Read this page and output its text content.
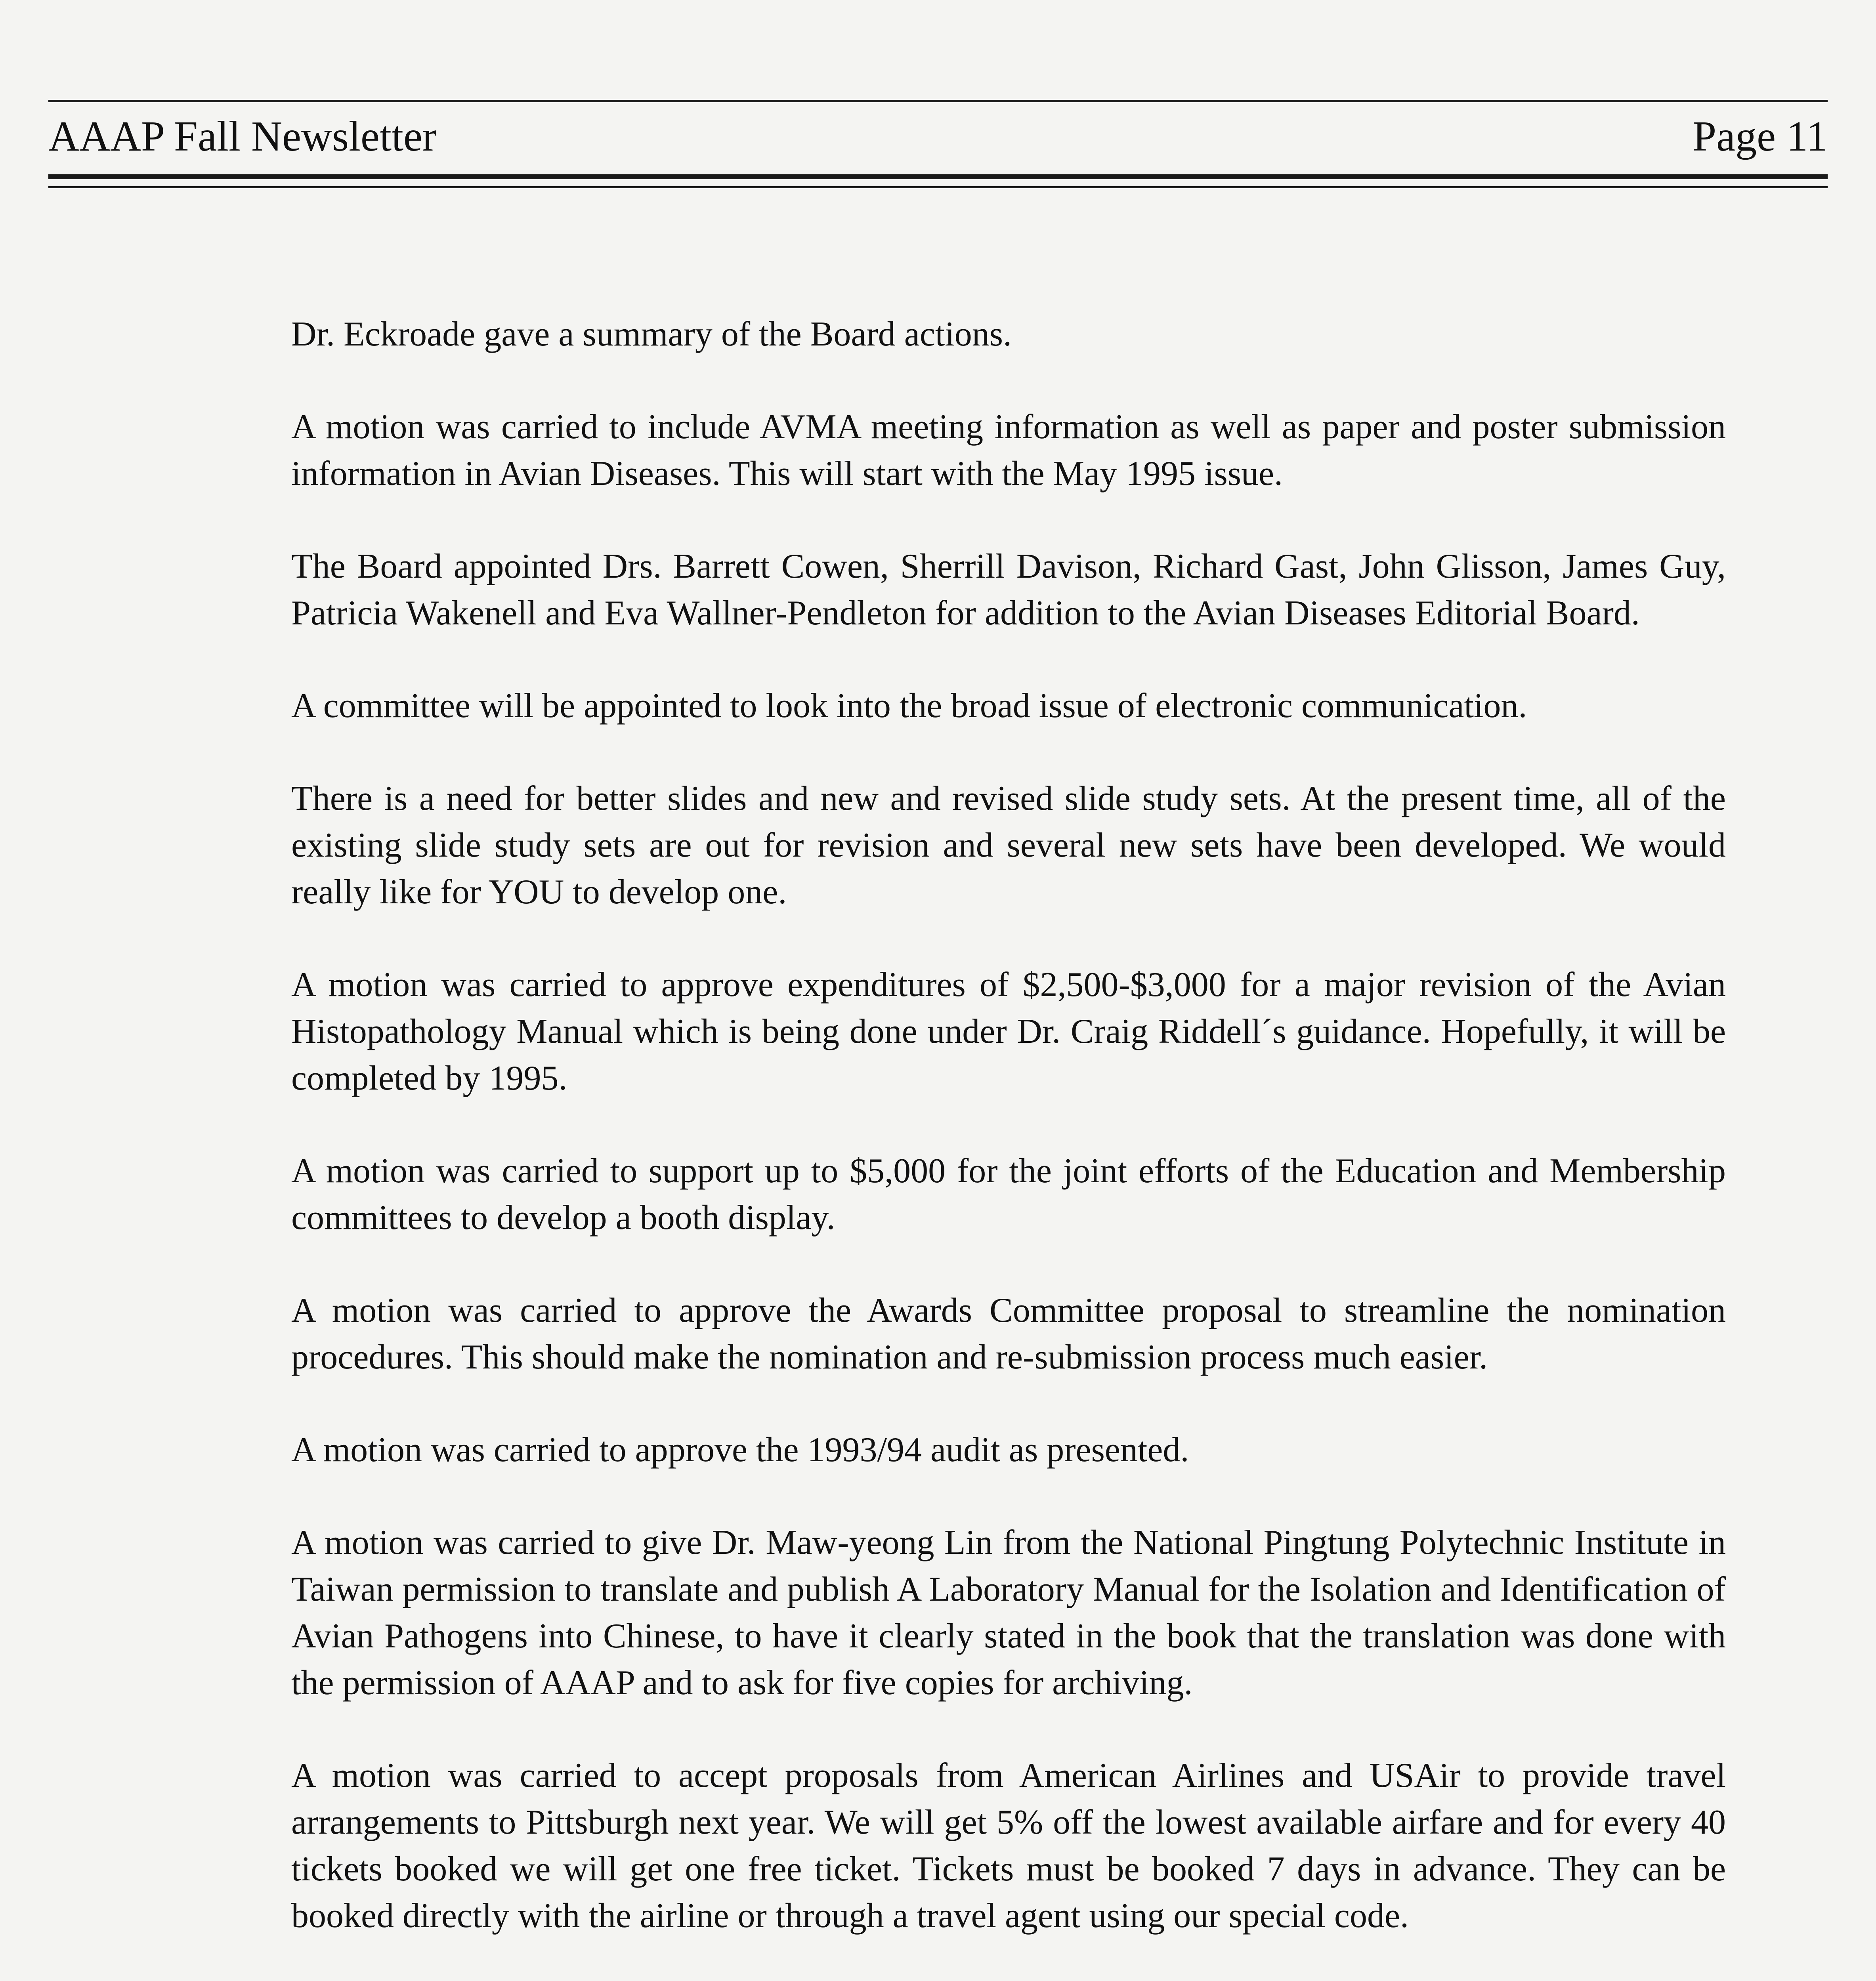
AAAP Fall Newsletter	Page 11

Dr. Eckroade gave a summary of the Board actions.

A motion was carried to include AVMA meeting information as well as paper and poster submission information in Avian Diseases. This will start with the May 1995 issue.

The Board appointed Drs. Barrett Cowen, Sherrill Davison, Richard Gast, John Glisson, James Guy, Patricia Wakenell and Eva Wallner-Pendleton for addition to the Avian Diseases Editorial Board.

A committee will be appointed to look into the broad issue of electronic communication.

There is a need for better slides and new and revised slide study sets. At the present time, all of the existing slide study sets are out for revision and several new sets have been developed. We would really like for YOU to develop one.

A motion was carried to approve expenditures of $2,500-$3,000 for a major revision of the Avian Histopathology Manual which is being done under Dr. Craig Riddell´s guidance. Hopefully, it will be completed by 1995.

A motion was carried to support up to $5,000 for the joint efforts of the Education and Membership committees to develop a booth display.

A motion was carried to approve the Awards Committee proposal to streamline the nomination procedures. This should make the nomination and re-submission process much easier.

A motion was carried to approve the 1993/94 audit as presented.

A motion was carried to give Dr. Maw-yeong Lin from the National Pingtung Polytechnic Institute in Taiwan permission to translate and publish A Laboratory Manual for the Isolation and Identification of Avian Pathogens into Chinese, to have it clearly stated in the book that the translation was done with the permission of AAAP and to ask for five copies for archiving.

A motion was carried to accept proposals from American Airlines and USAir to provide travel arrangements to Pittsburgh next year. We will get 5% off the lowest available airfare and for every 40 tickets booked we will get one free ticket. Tickets must be booked 7 days in advance. They can be booked directly with the airline or through a travel agent using our special code.
